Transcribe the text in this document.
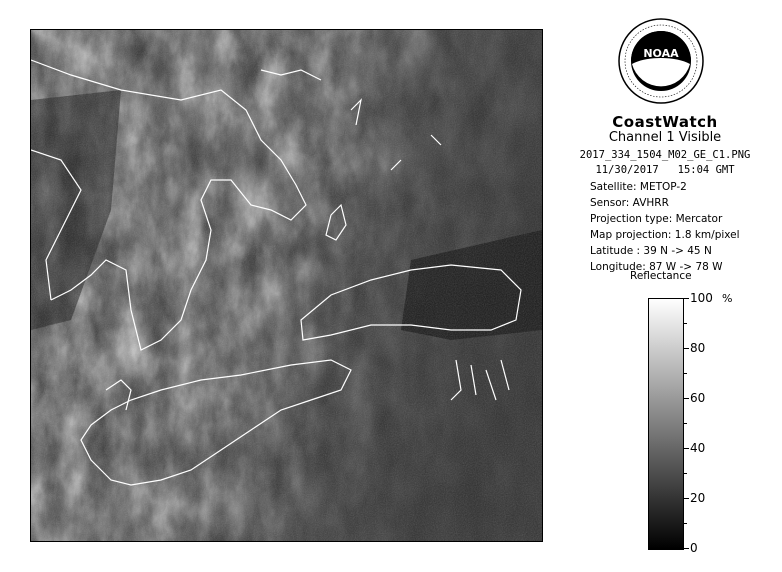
NOAA
CoastWatch
Channel 1 Visible
2017_334_1504_M02_GE_C1.PNG
11/30/2017 15:04 GMT
Satellite: METOP-2
Sensor: AVHRR
Projection type: Mercator
Map projection: 1.8 km/pixel
Latitude : 39 N -> 45 N
Longitude: 87 W -> 78 W
Reflectance
%
100
80
60
40
20
0
